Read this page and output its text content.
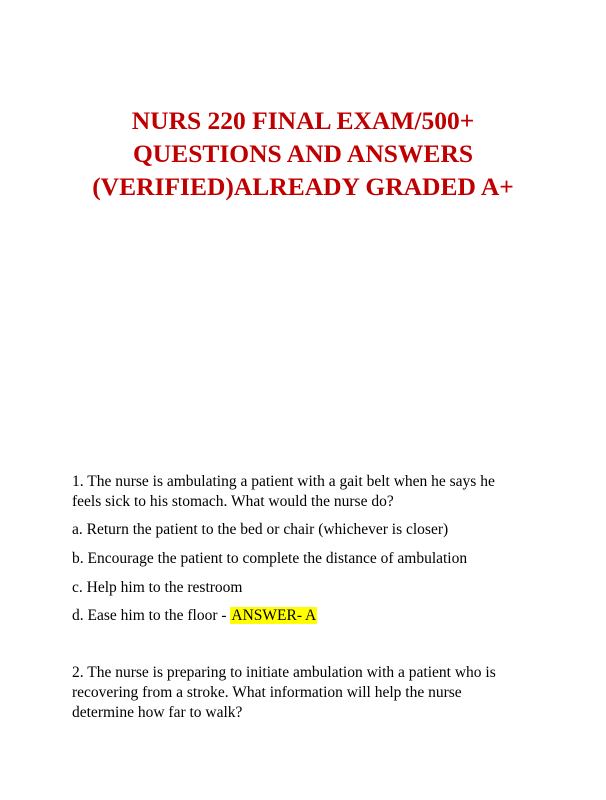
NURS 220 FINAL EXAM/500+
QUESTIONS AND ANSWERS
(VERIFIED)ALREADY GRADED A+

1. The nurse is ambulating a patient with a gait belt when he says he
feels sick to his stomach. What would the nurse do?

a. Return the patient to the bed or chair (whichever is closer)

b. Encourage the patient to complete the distance of ambulation

c. Help him to the restroom

d. Ease him to the floor - ANSWER- A

2. The nurse is preparing to initiate ambulation with a patient who is
recovering from a stroke. What information will help the nurse
determine how far to walk?
